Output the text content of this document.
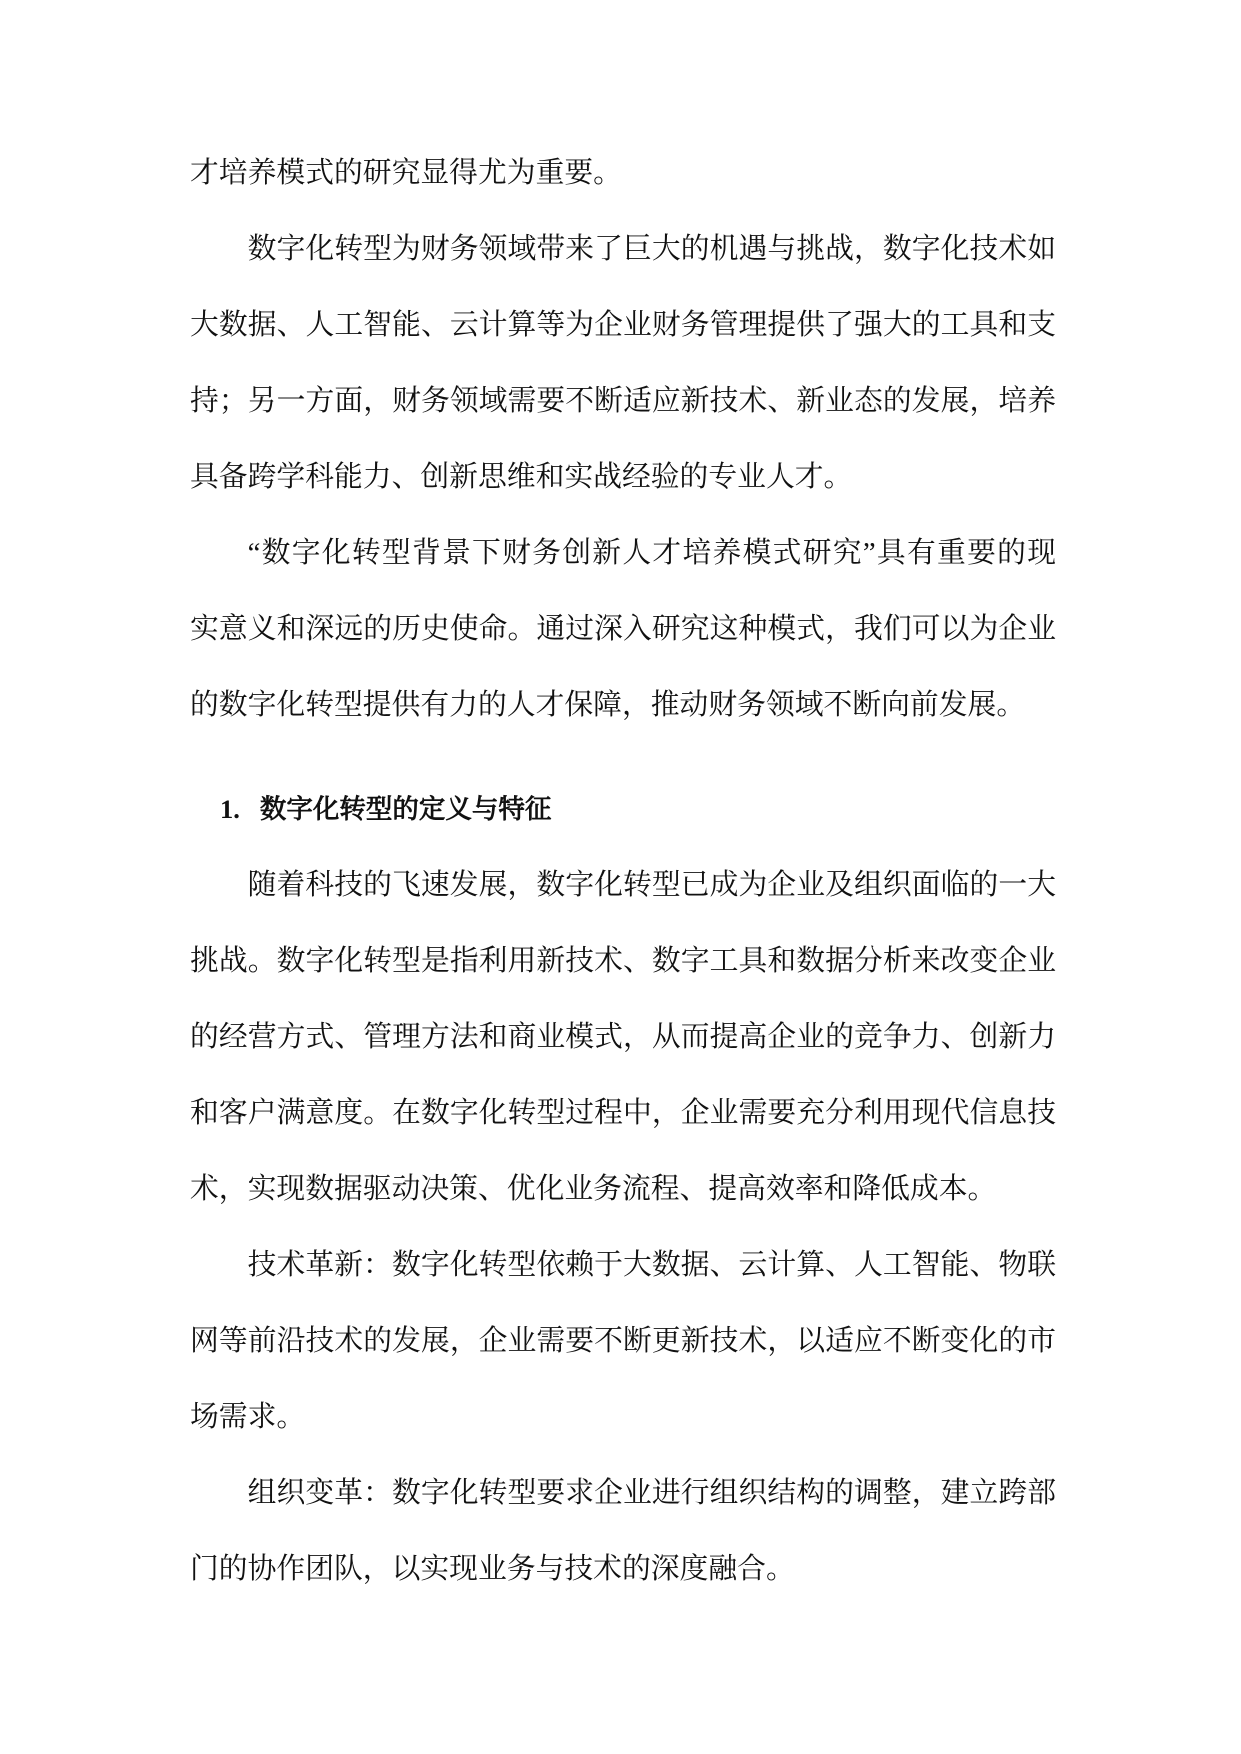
才培养模式的研究显得尤为重要。
数字化转型为财务领域带来了巨大的机遇与挑战，数字化技术如
大数据、人工智能、云计算等为企业财务管理提供了强大的工具和支
持；另一方面，财务领域需要不断适应新技术、新业态的发展，培养
具备跨学科能力、创新思维和实战经验的专业人才。
“数字化转型背景下财务创新人才培养模式研究”具有重要的现
实意义和深远的历史使命。通过深入研究这种模式，我们可以为企业
的数字化转型提供有力的人才保障，推动财务领域不断向前发展。
1. 数字化转型的定义与特征
随着科技的飞速发展，数字化转型已成为企业及组织面临的一大
挑战。数字化转型是指利用新技术、数字工具和数据分析来改变企业
的经营方式、管理方法和商业模式，从而提高企业的竞争力、创新力
和客户满意度。在数字化转型过程中，企业需要充分利用现代信息技
术，实现数据驱动决策、优化业务流程、提高效率和降低成本。
技术革新：数字化转型依赖于大数据、云计算、人工智能、物联
网等前沿技术的发展，企业需要不断更新技术，以适应不断变化的市
场需求。
组织变革：数字化转型要求企业进行组织结构的调整，建立跨部
门的协作团队，以实现业务与技术的深度融合。
